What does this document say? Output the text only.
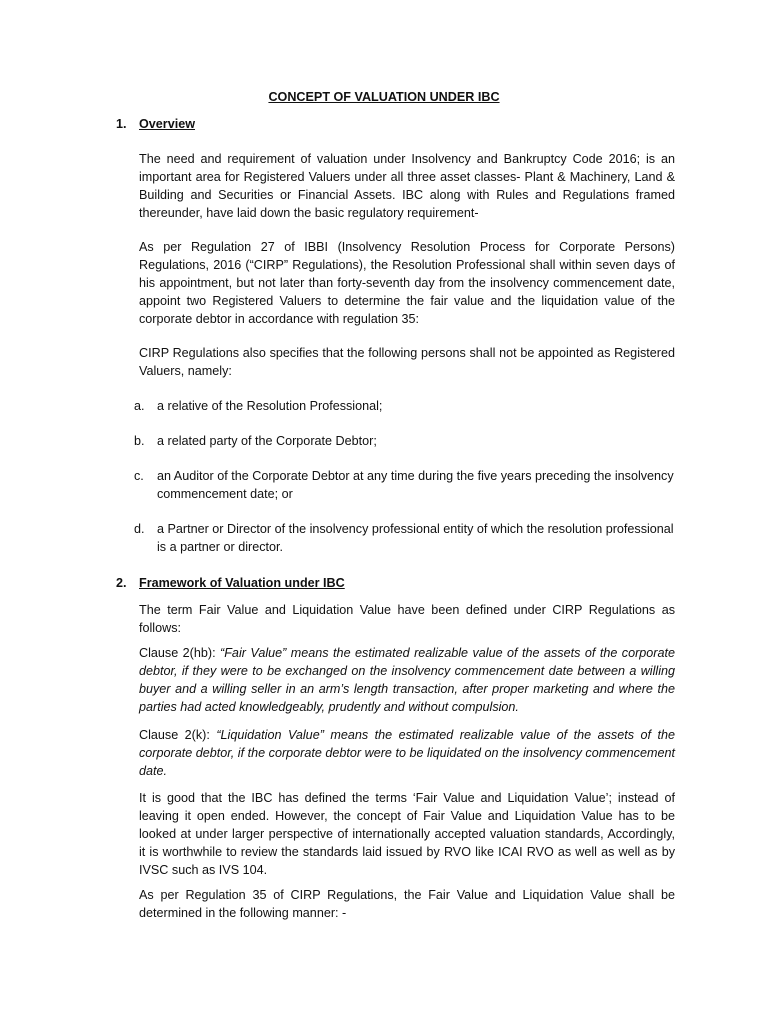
CONCEPT OF VALUATION UNDER IBC
1. Overview
The need and requirement of valuation under Insolvency and Bankruptcy Code 2016; is an important area for Registered Valuers under all three asset classes- Plant & Machinery, Land & Building and Securities or Financial Assets. IBC along with Rules and Regulations framed thereunder, have laid down the basic regulatory requirement-
As per Regulation 27 of IBBI (Insolvency Resolution Process for Corporate Persons) Regulations, 2016 (“CIRP” Regulations), the Resolution Professional shall within seven days of his appointment, but not later than forty-seventh day from the insolvency commencement date, appoint two Registered Valuers to determine the fair value and the liquidation value of the corporate debtor in accordance with regulation 35:
CIRP Regulations also specifies that the following persons shall not be appointed as Registered Valuers, namely:
a. a relative of the Resolution Professional;
b. a related party of the Corporate Debtor;
c.	an Auditor of the Corporate Debtor at any time during the five years preceding the insolvency commencement date; or
d. a Partner or Director of the insolvency professional entity of which the resolution professional is a partner or director.
2. Framework of Valuation under IBC
The term Fair Value and Liquidation Value have been defined under CIRP Regulations as follows:
Clause 2(hb): “Fair Value” means the estimated realizable value of the assets of the corporate debtor, if they were to be exchanged on the insolvency commencement date between a willing buyer and a willing seller in an arm’s length transaction, after proper marketing and where the parties had acted knowledgeably, prudently and without compulsion.
Clause 2(k): “Liquidation Value” means the estimated realizable value of the assets of the corporate debtor, if the corporate debtor were to be liquidated on the insolvency commencement date.
It is good that the IBC has defined the terms ‘Fair Value and Liquidation Value’; instead of leaving it open ended. However, the concept of Fair Value and Liquidation Value has to be looked at under larger perspective of internationally accepted valuation standards, Accordingly, it is worthwhile to review the standards laid issued by RVO like ICAI RVO as well as well as by IVSC such as IVS 104.
As per Regulation 35 of CIRP Regulations, the Fair Value and Liquidation Value shall be determined in the following manner: -
